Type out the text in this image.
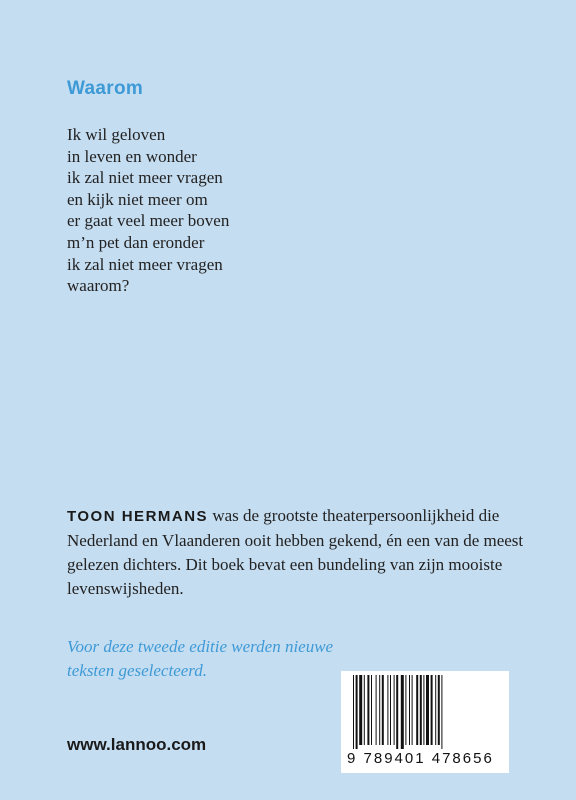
Waarom
Ik wil geloven
in leven en wonder
ik zal niet meer vragen
en kijk niet meer om
er gaat veel meer boven
m’n pet dan eronder
ik zal niet meer vragen
waarom?
TOON HERMANS was de grootste theaterpersoonlijkheid die Nederland en Vlaanderen ooit hebben gekend, én een van de meest gelezen dichters. Dit boek bevat een bundeling van zijn mooiste levenswijsheden.
Voor deze tweede editie werden nieuwe teksten geselecteerd.
www.lannoo.com
9 789401 478656
